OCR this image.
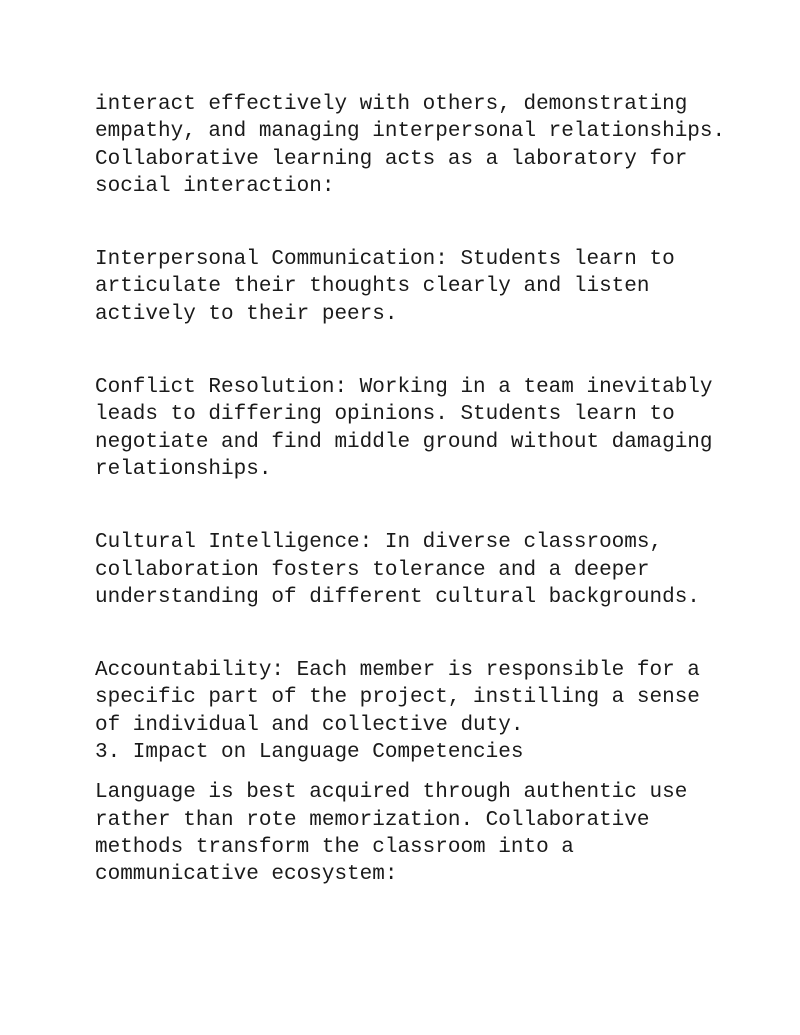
interact effectively with others, demonstrating empathy, and managing interpersonal relationships. Collaborative learning acts as a laboratory for social interaction:

Interpersonal Communication: Students learn to articulate their thoughts clearly and listen actively to their peers.

Conflict Resolution: Working in a team inevitably leads to differing opinions. Students learn to negotiate and find middle ground without damaging relationships.

Cultural Intelligence: In diverse classrooms, collaboration fosters tolerance and a deeper understanding of different cultural backgrounds.

Accountability: Each member is responsible for a specific part of the project, instilling a sense of individual and collective duty.

3. Impact on Language Competencies

Language is best acquired through authentic use rather than rote memorization. Collaborative methods transform the classroom into a communicative ecosystem:
